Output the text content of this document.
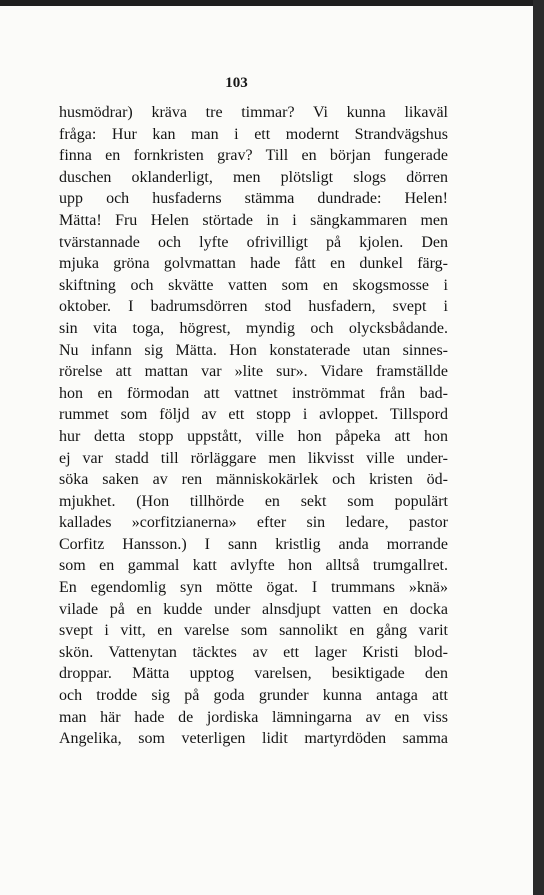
103
husmödrar) kräva tre timmar? Vi kunna likaväl
fråga: Hur kan man i ett modernt Strandvägshus
finna en fornkristen grav? Till en början fungerade
duschen oklanderligt, men plötsligt slogs dörren
upp och husfaderns stämma dundrade: Helen!
Mätta! Fru Helen störtade in i sängkammaren men
tvärstannade och lyfte ofrivilligt på kjolen. Den
mjuka gröna golvmattan hade fått en dunkel färg-
skiftning och skvätte vatten som en skogsmosse i
oktober. I badrumsdörren stod husfadern, svept i
sin vita toga, högrest, myndig och olycksbådande.
Nu infann sig Mätta. Hon konstaterade utan sinnes-
rörelse att mattan var »lite sur». Vidare framställde
hon en förmodan att vattnet inströmmat från bad-
rummet som följd av ett stopp i avloppet. Tillspord
hur detta stopp uppstått, ville hon påpeka att hon
ej var stadd till rörläggare men likvisst ville under-
söka saken av ren människokärlek och kristen öd-
mjukhet. (Hon tillhörde en sekt som populärt
kallades »corfitzianerna» efter sin ledare, pastor
Corfitz Hansson.) I sann kristlig anda morrande
som en gammal katt avlyfte hon alltså trumgallret.
En egendomlig syn mötte ögat. I trummans »knä»
vilade på en kudde under alnsdjupt vatten en docka
svept i vitt, en varelse som sannolikt en gång varit
skön. Vattenytan täcktes av ett lager Kristi blod-
droppar. Mätta upptog varelsen, besiktigade den
och trodde sig på goda grunder kunna antaga att
man här hade de jordiska lämningarna av en viss
Angelika, som veterligen lidit martyrdöden samma
